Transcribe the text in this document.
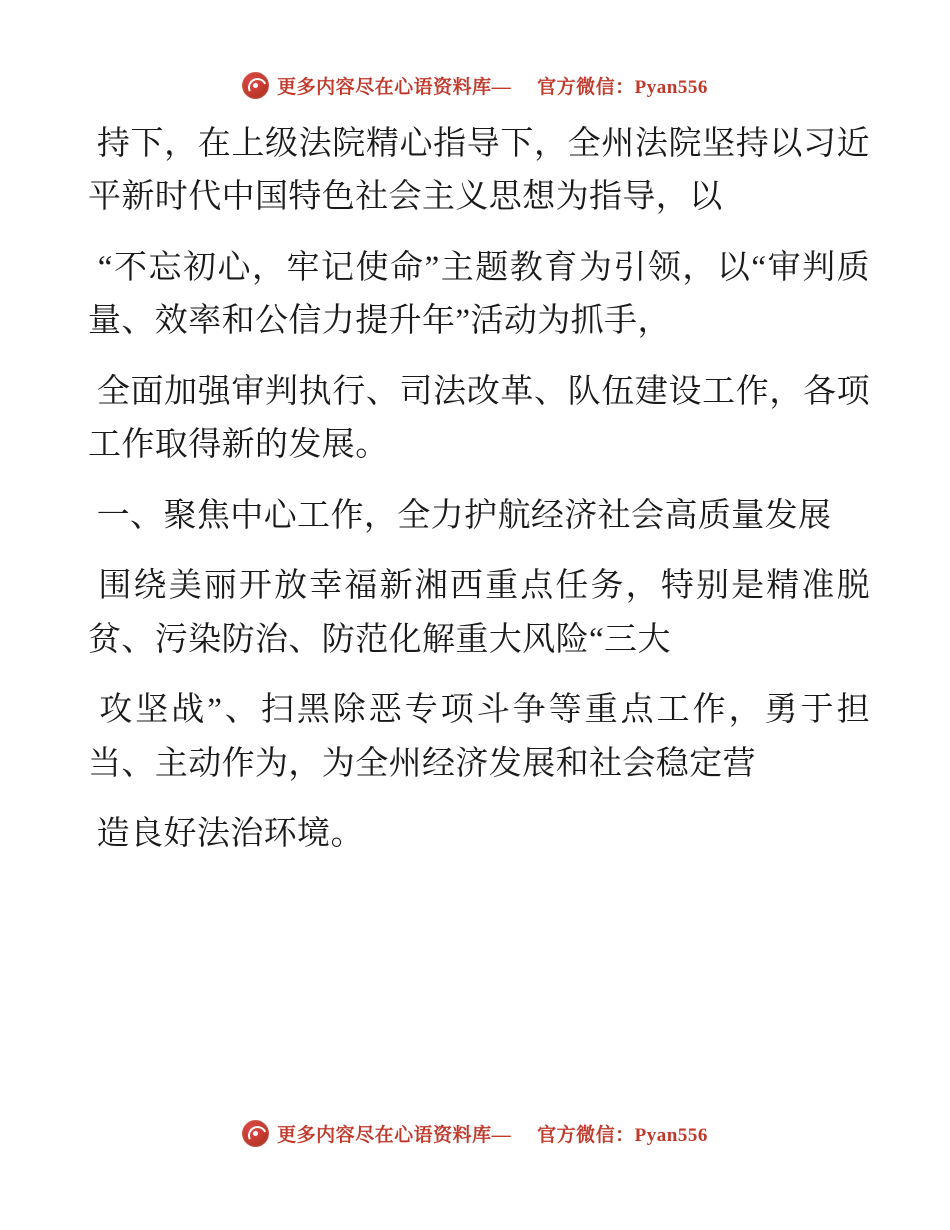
更多内容尽在心语资料库— 官方微信：Pyan556

持下，在上级法院精心指导下，全州法院坚持以习近平新时代中国特色社会主义思想为指导，以

“不忘初心，牢记使命”主题教育为引领，以“审判质量、效率和公信力提升年”活动为抓手，

全面加强审判执行、司法改革、队伍建设工作，各项工作取得新的发展。

一、聚焦中心工作，全力护航经济社会高质量发展

围绕美丽开放幸福新湘西重点任务，特别是精准脱贫、污染防治、防范化解重大风险“三大

攻坚战”、扫黑除恶专项斗争等重点工作，勇于担当、主动作为，为全州经济发展和社会稳定营

造良好法治环境。

更多内容尽在心语资料库— 官方微信：Pyan556
